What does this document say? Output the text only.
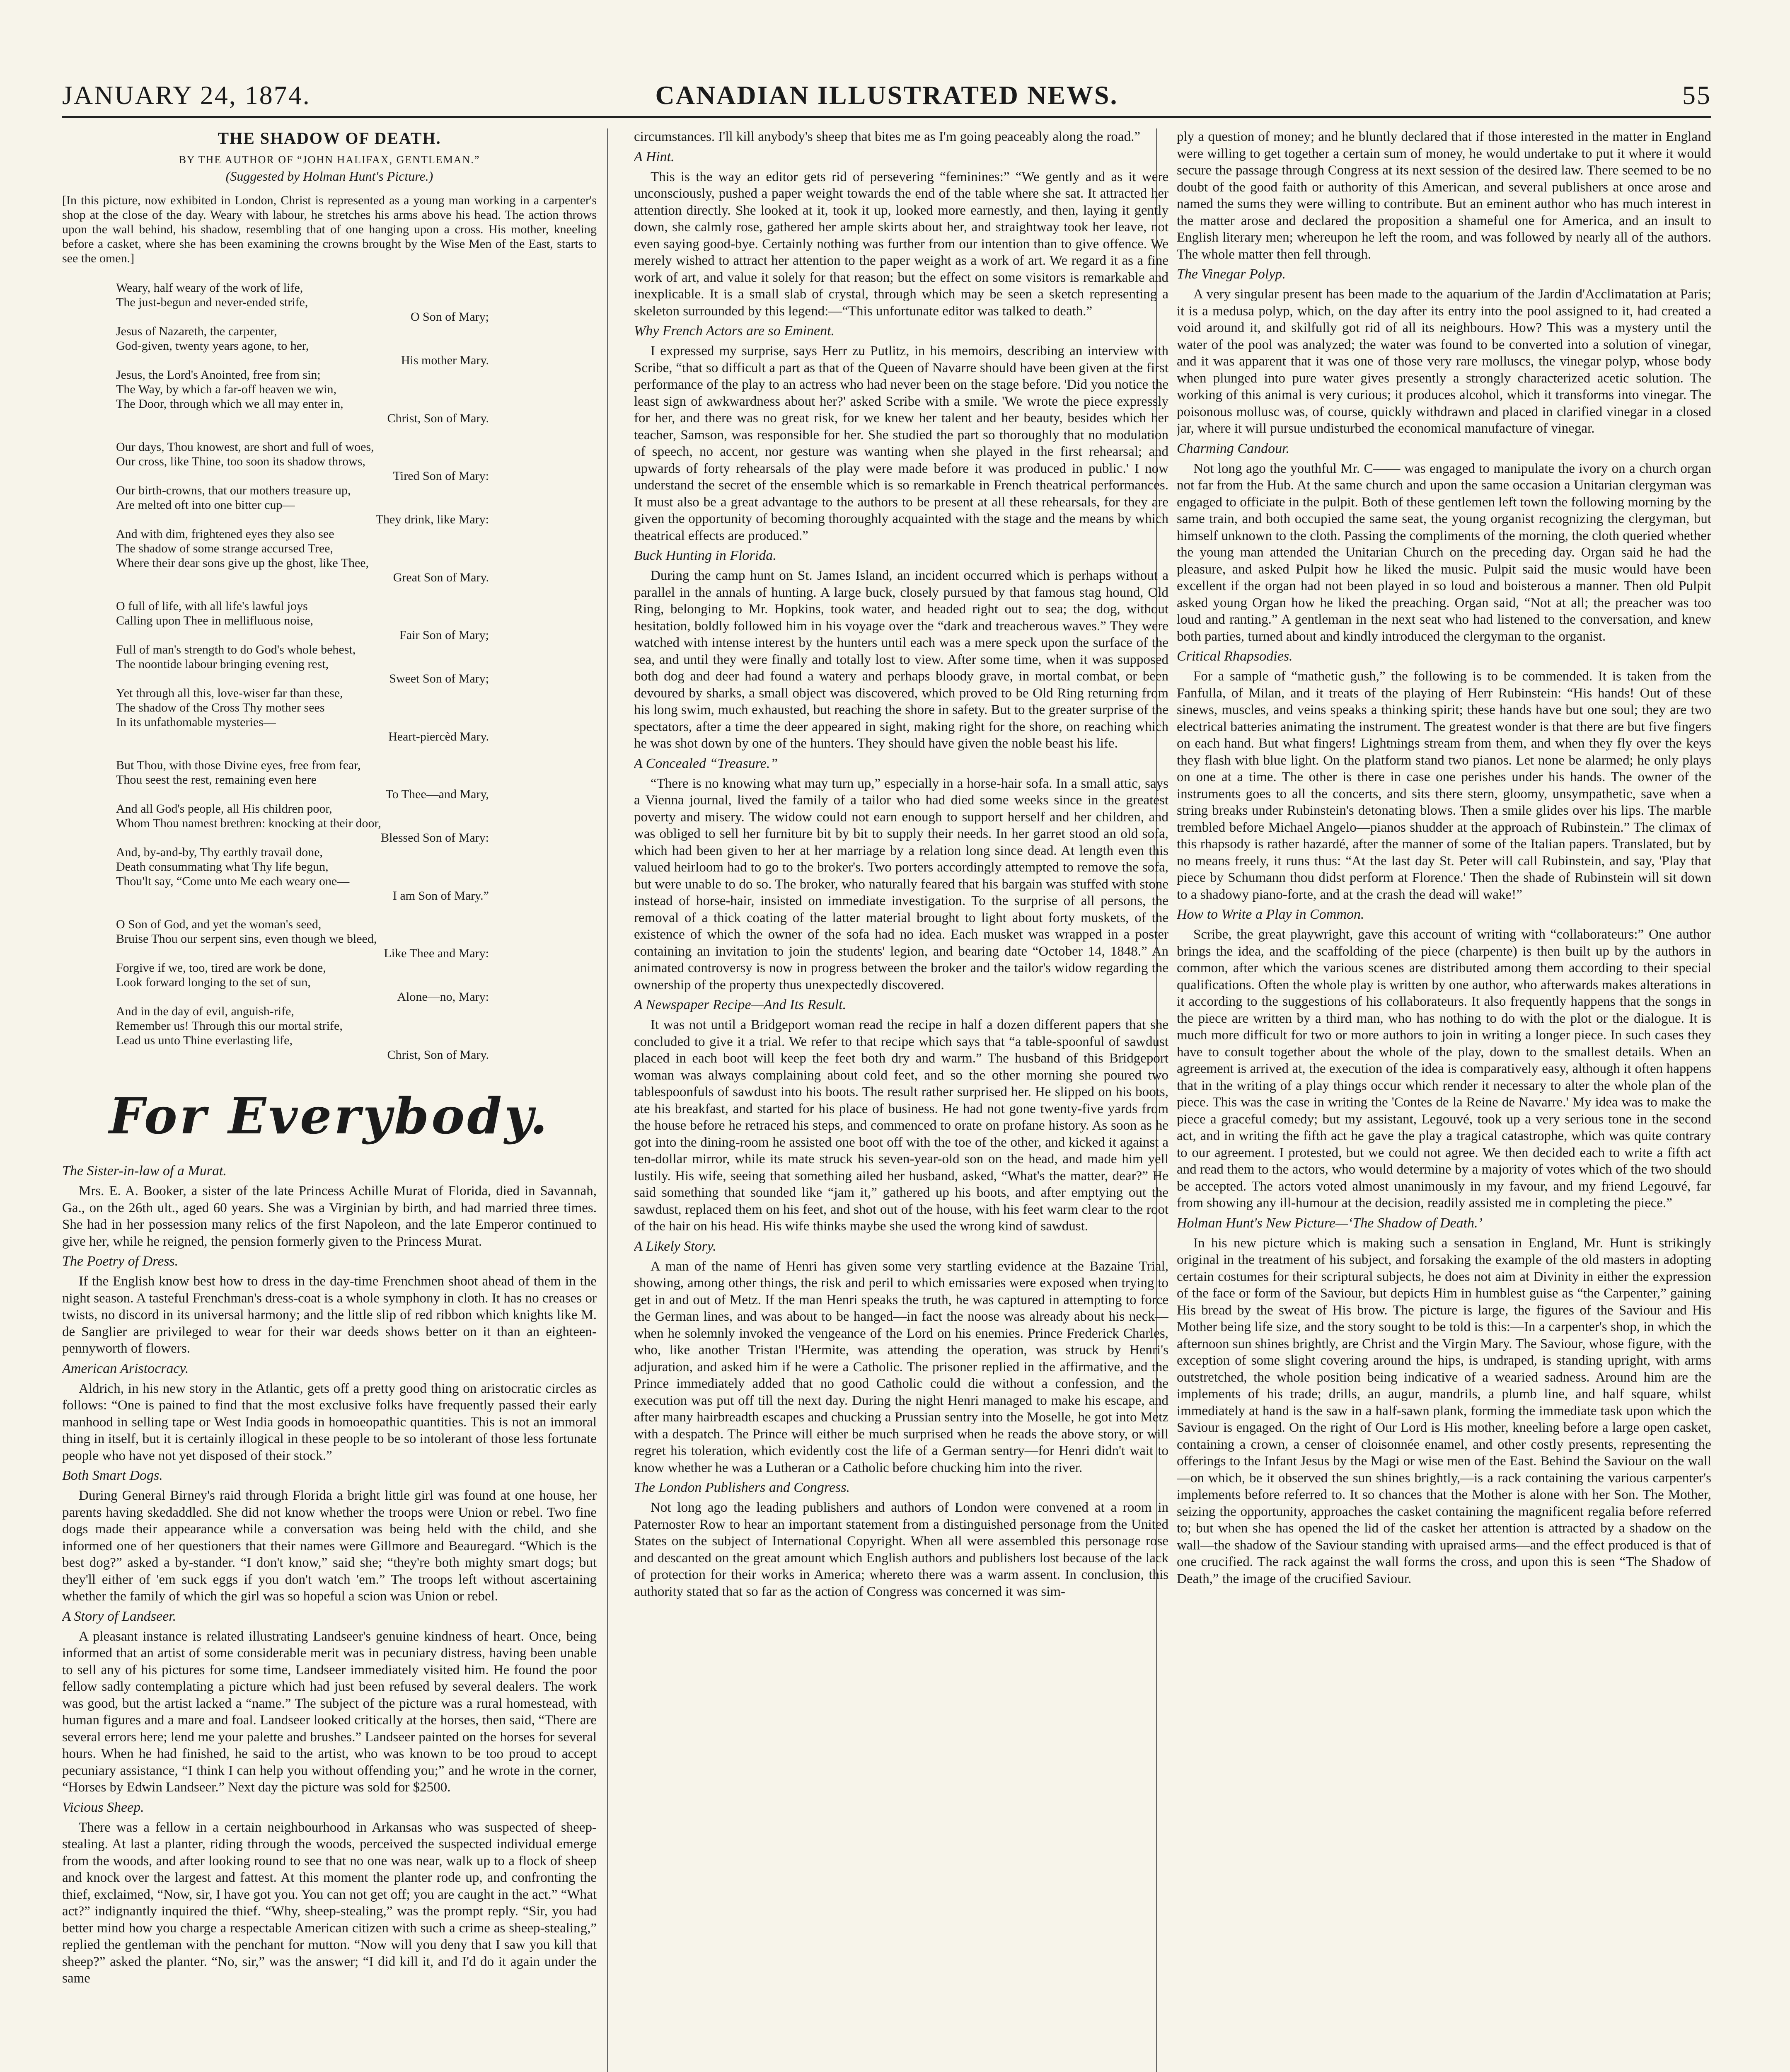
JANUARY 24, 1874.	CANADIAN ILLUSTRATED NEWS.	55
THE SHADOW OF DEATH.
BY THE AUTHOR OF “JOHN HALIFAX, GENTLEMAN.”
(Suggested by Holman Hunt's Picture.)

[In this picture, now exhibited in London, Christ is represented as a young man working in a carpenter's shop at the close of the day. Weary with labour, he stretches his arms above his head. The action throws upon the wall behind, his shadow, resembling that of one hanging upon a cross. His mother, kneeling before a casket, where she has been examining the crowns brought by the Wise Men of the East, starts to see the omen.]

Weary, half weary of the work of life,
The just-begun and never-ended strife,
O Son of Mary;
Jesus of Nazareth, the carpenter,
God-given, twenty years agone, to her,
His mother Mary.
Jesus, the Lord's Anointed, free from sin;
The Way, by which a far-off heaven we win,
The Door, through which we all may enter in,
Christ, Son of Mary.
Our days, Thou knowest, are short and full of woes,
Our cross, like Thine, too soon its shadow throws,
Tired Son of Mary:
Our birth-crowns, that our mothers treasure up,
Are melted oft into one bitter cup—
They drink, like Mary:
And with dim, frightened eyes they also see
The shadow of some strange accursed Tree,
Where their dear sons give up the ghost, like Thee,
Great Son of Mary.
O full of life, with all life's lawful joys
Calling upon Thee in mellifluous noise,
Fair Son of Mary;
Full of man's strength to do God's whole behest,
The noontide labour bringing evening rest,
Sweet Son of Mary;
Yet through all this, love-wiser far than these,
The shadow of the Cross Thy mother sees
In its unfathomable mysteries—
Heart-piercèd Mary.
But Thou, with those Divine eyes, free from fear,
Thou seest the rest, remaining even here
To Thee—and Mary,
And all God's people, all His children poor,
Whom Thou namest brethren: knocking at their door,
Blessed Son of Mary:
And, by-and-by, Thy earthly travail done,
Death consummating what Thy life begun,
Thou'lt say, “Come unto Me each weary one—
I am Son of Mary.”
O Son of God, and yet the woman's seed,
Bruise Thou our serpent sins, even though we bleed,
Like Thee and Mary:
Forgive if we, too, tired are work be done,
Look forward longing to the set of sun,
Alone—no, Mary:
And in the day of evil, anguish-rife,
Remember us! Through this our mortal strife,
Lead us unto Thine everlasting life,
Christ, Son of Mary.
For Everybody.
The Sister-in-law of a Murat.

Mrs. E. A. Booker, a sister of the late Princess Achille Murat of Florida, died in Savannah, Ga., on the 26th ult., aged 60 years. She was a Virginian by birth, and had married three times. She had in her possession many relics of the first Napoleon, and the late Emperor continued to give her, while he reigned, the pension formerly given to the Princess Murat.

The Poetry of Dress.

If the English know best how to dress in the day-time Frenchmen shoot ahead of them in the night season. A tasteful Frenchman's dress-coat is a whole symphony in cloth. It has no creases or twists, no discord in its universal harmony; and the little slip of red ribbon which knights like M. de Sanglier are privileged to wear for their war deeds shows better on it than an eighteen-pennyworth of flowers.

American Aristocracy.

Aldrich, in his new story in the Atlantic, gets off a pretty good thing on aristocratic circles as follows: “One is pained to find that the most exclusive folks have frequently passed their early manhood in selling tape or West India goods in homoeopathic quantities. This is not an immoral thing in itself, but it is certainly illogical in these people to be so intolerant of those less fortunate people who have not yet disposed of their stock.”

Both Smart Dogs.

During General Birney's raid through Florida a bright little girl was found at one house, her parents having skedaddled. She did not know whether the troops were Union or rebel. Two fine dogs made their appearance while a conversation was being held with the child, and she informed one of her questioners that their names were Gillmore and Beauregard. “Which is the best dog?” asked a by-stander. “I don't know,” said she; “they're both mighty smart dogs; but they'll either of 'em suck eggs if you don't watch 'em.” The troops left without ascertaining whether the family of which the girl was so hopeful a scion was Union or rebel.

A Story of Landseer.

A pleasant instance is related illustrating Landseer's genuine kindness of heart. Once, being informed that an artist of some considerable merit was in pecuniary distress, having been unable to sell any of his pictures for some time, Landseer immediately visited him. He found the poor fellow sadly contemplating a picture which had just been refused by several dealers. The work was good, but the artist lacked a “name.” The subject of the picture was a rural homestead, with human figures and a mare and foal. Landseer looked critically at the horses, then said, “There are several errors here; lend me your palette and brushes.” Landseer painted on the horses for several hours. When he had finished, he said to the artist, who was known to be too proud to accept pecuniary assistance, “I think I can help you without offending you;” and he wrote in the corner, “Horses by Edwin Landseer.” Next day the picture was sold for $2500.

Vicious Sheep.

There was a fellow in a certain neighbourhood in Arkansas who was suspected of sheep-stealing. At last a planter, riding through the woods, perceived the suspected individual emerge from the woods, and after looking round to see that no one was near, walk up to a flock of sheep and knock over the largest and fattest. At this moment the planter rode up, and confronting the thief, exclaimed, “Now, sir, I have got you. You can not get off; you are caught in the act.” “What act?” indignantly inquired the thief. “Why, sheep-stealing,” was the prompt reply. “Sir, you had better mind how you charge a respectable American citizen with such a crime as sheep-stealing,” replied the gentleman with the penchant for mutton. “Now will you deny that I saw you kill that sheep?” asked the planter. “No, sir,” was the answer; “I did kill it, and I'd do it again under the same

circumstances. I'll kill anybody's sheep that bites me as I'm going peaceably along the road.”

A Hint.

This is the way an editor gets rid of persevering “feminines:” “We gently and as it were unconsciously, pushed a paper weight towards the end of the table where she sat. It attracted her attention directly. She looked at it, took it up, looked more earnestly, and then, laying it gently down, she calmly rose, gathered her ample skirts about her, and straightway took her leave, not even saying good-bye. Certainly nothing was further from our intention than to give offence. We merely wished to attract her attention to the paper weight as a work of art. We regard it as a fine work of art, and value it solely for that reason; but the effect on some visitors is remarkable and inexplicable. It is a small slab of crystal, through which may be seen a sketch representing a skeleton surrounded by this legend:—“This unfortunate editor was talked to death.”

Why French Actors are so Eminent.

I expressed my surprise, says Herr zu Putlitz, in his memoirs, describing an interview with Scribe, “that so difficult a part as that of the Queen of Navarre should have been given at the first performance of the play to an actress who had never been on the stage before. 'Did you notice the least sign of awkwardness about her?' asked Scribe with a smile. 'We wrote the piece expressly for her, and there was no great risk, for we knew her talent and her beauty, besides which her teacher, Samson, was responsible for her. She studied the part so thoroughly that no modulation of speech, no accent, nor gesture was wanting when she played in the first rehearsal; and upwards of forty rehearsals of the play were made before it was produced in public.' I now understand the secret of the ensemble which is so remarkable in French theatrical performances. It must also be a great advantage to the authors to be present at all these rehearsals, for they are given the opportunity of becoming thoroughly acquainted with the stage and the means by which theatrical effects are produced.”

Buck Hunting in Florida.

During the camp hunt on St. James Island, an incident occurred which is perhaps without a parallel in the annals of hunting. A large buck, closely pursued by that famous stag hound, Old Ring, belonging to Mr. Hopkins, took water, and headed right out to sea; the dog, without hesitation, boldly followed him in his voyage over the “dark and treacherous waves.” They were watched with intense interest by the hunters until each was a mere speck upon the surface of the sea, and until they were finally and totally lost to view. After some time, when it was supposed both dog and deer had found a watery and perhaps bloody grave, in mortal combat, or been devoured by sharks, a small object was discovered, which proved to be Old Ring returning from his long swim, much exhausted, but reaching the shore in safety. But to the greater surprise of the spectators, after a time the deer appeared in sight, making right for the shore, on reaching which he was shot down by one of the hunters. They should have given the noble beast his life.

A Concealed “Treasure.”

“There is no knowing what may turn up,” especially in a horse-hair sofa. In a small attic, says a Vienna journal, lived the family of a tailor who had died some weeks since in the greatest poverty and misery. The widow could not earn enough to support herself and her children, and was obliged to sell her furniture bit by bit to supply their needs. In her garret stood an old sofa, which had been given to her at her marriage by a relation long since dead. At length even this valued heirloom had to go to the broker's. Two porters accordingly attempted to remove the sofa, but were unable to do so. The broker, who naturally feared that his bargain was stuffed with stone instead of horse-hair, insisted on immediate investigation. To the surprise of all persons, the removal of a thick coating of the latter material brought to light about forty muskets, of the existence of which the owner of the sofa had no idea. Each musket was wrapped in a poster containing an invitation to join the students' legion, and bearing date “October 14, 1848.” An animated controversy is now in progress between the broker and the tailor's widow regarding the ownership of the property thus unexpectedly discovered.

A Newspaper Recipe—And Its Result.

It was not until a Bridgeport woman read the recipe in half a dozen different papers that she concluded to give it a trial. We refer to that recipe which says that “a table-spoonful of sawdust placed in each boot will keep the feet both dry and warm.” The husband of this Bridgeport woman was always complaining about cold feet, and so the other morning she poured two tablespoonfuls of sawdust into his boots. The result rather surprised her. He slipped on his boots, ate his breakfast, and started for his place of business. He had not gone twenty-five yards from the house before he retraced his steps, and commenced to orate on profane history. As soon as he got into the dining-room he assisted one boot off with the toe of the other, and kicked it against a ten-dollar mirror, while its mate struck his seven-year-old son on the head, and made him yell lustily. His wife, seeing that something ailed her husband, asked, “What's the matter, dear?” He said something that sounded like “jam it,” gathered up his boots, and after emptying out the sawdust, replaced them on his feet, and shot out of the house, with his feet warm clear to the root of the hair on his head. His wife thinks maybe she used the wrong kind of sawdust.

A Likely Story.

A man of the name of Henri has given some very startling evidence at the Bazaine Trial, showing, among other things, the risk and peril to which emissaries were exposed when trying to get in and out of Metz. If the man Henri speaks the truth, he was captured in attempting to force the German lines, and was about to be hanged—in fact the noose was already about his neck—when he solemnly invoked the vengeance of the Lord on his enemies. Prince Frederick Charles, who, like another Tristan l'Hermite, was attending the operation, was struck by Henri's adjuration, and asked him if he were a Catholic. The prisoner replied in the affirmative, and the Prince immediately added that no good Catholic could die without a confession, and the execution was put off till the next day. During the night Henri managed to make his escape, and after many hairbreadth escapes and chucking a Prussian sentry into the Moselle, he got into Metz with a despatch. The Prince will either be much surprised when he reads the above story, or will regret his toleration, which evidently cost the life of a German sentry—for Henri didn't wait to know whether he was a Lutheran or a Catholic before chucking him into the river.

The London Publishers and Congress.

Not long ago the leading publishers and authors of London were convened at a room in Paternoster Row to hear an important statement from a distinguished personage from the United States on the subject of International Copyright. When all were assembled this personage rose and descanted on the great amount which English authors and publishers lost because of the lack of protection for their works in America; whereto there was a warm assent. In conclusion, this authority stated that so far as the action of Congress was concerned it was sim-

ply a question of money; and he bluntly declared that if those interested in the matter in England were willing to get together a certain sum of money, he would undertake to put it where it would secure the passage through Congress at its next session of the desired law. There seemed to be no doubt of the good faith or authority of this American, and several publishers at once arose and named the sums they were willing to contribute. But an eminent author who has much interest in the matter arose and declared the proposition a shameful one for America, and an insult to English literary men; whereupon he left the room, and was followed by nearly all of the authors. The whole matter then fell through.

The Vinegar Polyp.

A very singular present has been made to the aquarium of the Jardin d'Acclimatation at Paris; it is a medusa polyp, which, on the day after its entry into the pool assigned to it, had created a void around it, and skilfully got rid of all its neighbours. How? This was a mystery until the water of the pool was analyzed; the water was found to be converted into a solution of vinegar, and it was apparent that it was one of those very rare molluscs, the vinegar polyp, whose body when plunged into pure water gives presently a strongly characterized acetic solution. The working of this animal is very curious; it produces alcohol, which it transforms into vinegar. The poisonous mollusc was, of course, quickly withdrawn and placed in clarified vinegar in a closed jar, where it will pursue undisturbed the economical manufacture of vinegar.

Charming Candour.

Not long ago the youthful Mr. C—— was engaged to manipulate the ivory on a church organ not far from the Hub. At the same church and upon the same occasion a Unitarian clergyman was engaged to officiate in the pulpit. Both of these gentlemen left town the following morning by the same train, and both occupied the same seat, the young organist recognizing the clergyman, but himself unknown to the cloth. Passing the compliments of the morning, the cloth queried whether the young man attended the Unitarian Church on the preceding day. Organ said he had the pleasure, and asked Pulpit how he liked the music. Pulpit said the music would have been excellent if the organ had not been played in so loud and boisterous a manner. Then old Pulpit asked young Organ how he liked the preaching. Organ said, “Not at all; the preacher was too loud and ranting.” A gentleman in the next seat who had listened to the conversation, and knew both parties, turned about and kindly introduced the clergyman to the organist.

Critical Rhapsodies.

For a sample of “mathetic gush,” the following is to be commended. It is taken from the Fanfulla, of Milan, and it treats of the playing of Herr Rubinstein: “His hands! Out of these sinews, muscles, and veins speaks a thinking spirit; these hands have but one soul; they are two electrical batteries animating the instrument. The greatest wonder is that there are but five fingers on each hand. But what fingers! Lightnings stream from them, and when they fly over the keys they flash with blue light. On the platform stand two pianos. Let none be alarmed; he only plays on one at a time. The other is there in case one perishes under his hands. The owner of the instruments goes to all the concerts, and sits there stern, gloomy, unsympathetic, save when a string breaks under Rubinstein's detonating blows. Then a smile glides over his lips. The marble trembled before Michael Angelo—pianos shudder at the approach of Rubinstein.” The climax of this rhapsody is rather hazardé, after the manner of some of the Italian papers. Translated, but by no means freely, it runs thus: “At the last day St. Peter will call Rubinstein, and say, 'Play that piece by Schumann thou didst perform at Florence.' Then the shade of Rubinstein will sit down to a shadowy piano-forte, and at the crash the dead will wake!”

How to Write a Play in Common.

Scribe, the great playwright, gave this account of writing with “collaborateurs:” One author brings the idea, and the scaffolding of the piece (charpente) is then built up by the authors in common, after which the various scenes are distributed among them according to their special qualifications. Often the whole play is written by one author, who afterwards makes alterations in it according to the suggestions of his collaborateurs. It also frequently happens that the songs in the piece are written by a third man, who has nothing to do with the plot or the dialogue. It is much more difficult for two or more authors to join in writing a longer piece. In such cases they have to consult together about the whole of the play, down to the smallest details. When an agreement is arrived at, the execution of the idea is comparatively easy, although it often happens that in the writing of a play things occur which render it necessary to alter the whole plan of the piece. This was the case in writing the 'Contes de la Reine de Navarre.' My idea was to make the piece a graceful comedy; but my assistant, Legouvé, took up a very serious tone in the second act, and in writing the fifth act he gave the play a tragical catastrophe, which was quite contrary to our agreement. I protested, but we could not agree. We then decided each to write a fifth act and read them to the actors, who would determine by a majority of votes which of the two should be accepted. The actors voted almost unanimously in my favour, and my friend Legouvé, far from showing any ill-humour at the decision, readily assisted me in completing the piece.”

Holman Hunt's New Picture—‘The Shadow of Death.’

In his new picture which is making such a sensation in England, Mr. Hunt is strikingly original in the treatment of his subject, and forsaking the example of the old masters in adopting certain costumes for their scriptural subjects, he does not aim at Divinity in either the expression of the face or form of the Saviour, but depicts Him in humblest guise as “the Carpenter,” gaining His bread by the sweat of His brow. The picture is large, the figures of the Saviour and His Mother being life size, and the story sought to be told is this:—In a carpenter's shop, in which the afternoon sun shines brightly, are Christ and the Virgin Mary. The Saviour, whose figure, with the exception of some slight covering around the hips, is undraped, is standing upright, with arms outstretched, the whole position being indicative of a wearied sadness. Around him are the implements of his trade; drills, an augur, mandrils, a plumb line, and half square, whilst immediately at hand is the saw in a half-sawn plank, forming the immediate task upon which the Saviour is engaged. On the right of Our Lord is His mother, kneeling before a large open casket, containing a crown, a censer of cloisonnée enamel, and other costly presents, representing the offerings to the Infant Jesus by the Magi or wise men of the East. Behind the Saviour on the wall—on which, be it observed the sun shines brightly,—is a rack containing the various carpenter's implements before referred to. It so chances that the Mother is alone with her Son. The Mother, seizing the opportunity, approaches the casket containing the magnificent regalia before referred to; but when she has opened the lid of the casket her attention is attracted by a shadow on the wall—the shadow of the Saviour standing with upraised arms—and the effect produced is that of one crucified. The rack against the wall forms the cross, and upon this is seen “The Shadow of Death,” the image of the crucified Saviour.
